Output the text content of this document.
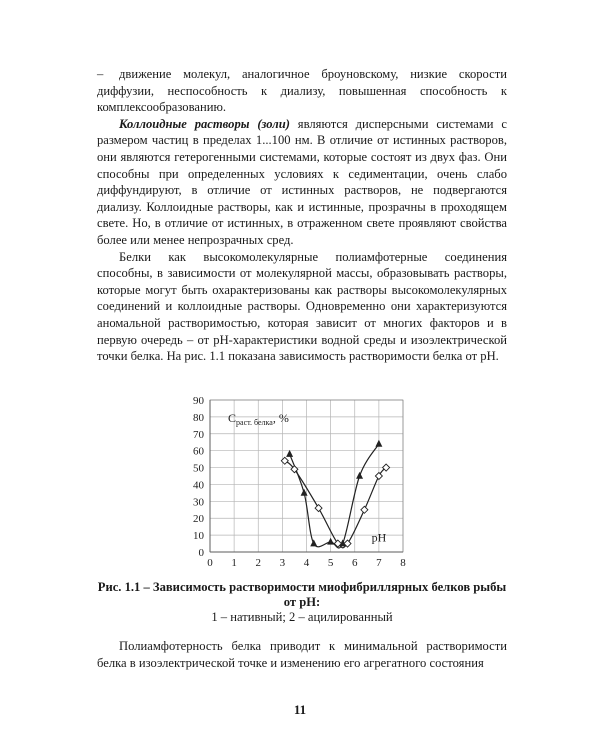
– движение молекул, аналогичное броуновскому, низкие скорости диффузии, неспособность к диализу, повышенная способность к комплексообразованию.

Коллоидные растворы (золи) являются дисперсными системами с размером частиц в пределах 1...100 нм. В отличие от истинных растворов, они являются гетерогенными системами, которые состоят из двух фаз. Они способны при определенных условиях к седиментации, очень слабо диффундируют, в отличие от истинных растворов, не подвергаются диализу. Коллоидные растворы, как и истинные, прозрачны в проходящем свете. Но, в отличие от истинных, в отраженном свете проявляют свойства более или менее непрозрачных сред.

Белки как высокомолекулярные полиамфотерные соединения способны, в зависимости от молекулярной массы, образовывать растворы, которые могут быть охарактеризованы как растворы высокомолекулярных соединений и коллоидные растворы. Одновременно они характеризуются аномальной растворимостью, которая зависит от многих факторов и в первую очередь – от pH-характеристики водной среды и изоэлектрической точки белка. На рис. 1.1 показана зависимость растворимости белка от pH.

0
10
20
30
40
50
60
70
80
90
0 1 2 3 4 5 6 7 8
$C_{раст. белка}$, %
pH
Рис. 1.1 – Зависимость растворимости миофибриллярных белков рыбы от pH:
1 – нативный; 2 – ацилированный

Полиамфотерность белка приводит к минимальной растворимости белка в изоэлектрической точке и изменению его агрегатного состояния

11
